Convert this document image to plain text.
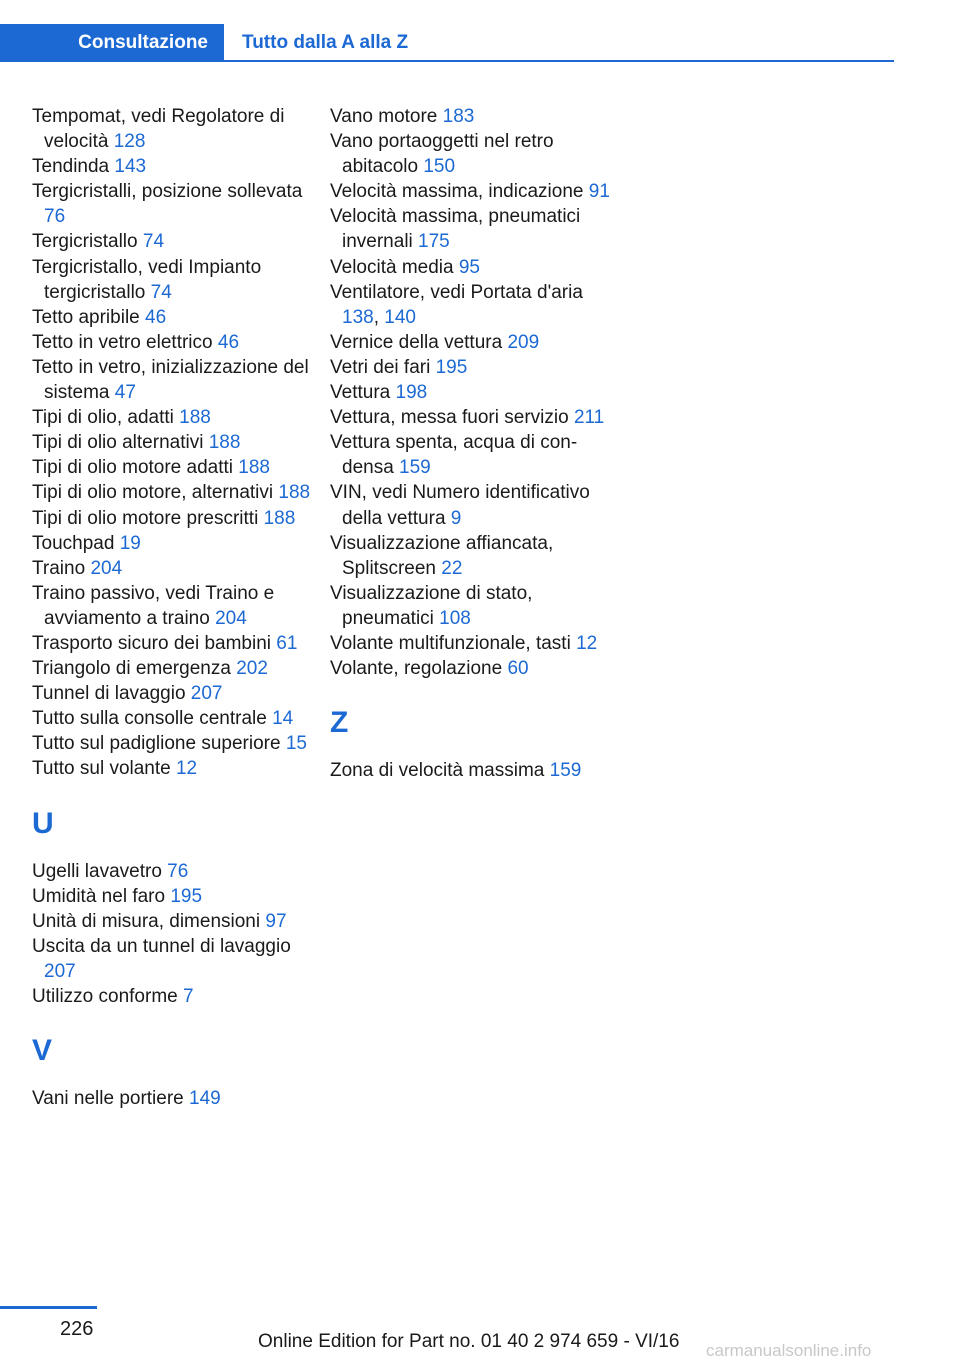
Consultazione Tutto dalla A alla Z

Tempomat, vedi Regolatore di velocità 128

Tendinda 143

Tergicristalli, posizione sollevata 76

Tergicristallo 74

Tergicristallo, vedi Impianto tergicristallo 74

Tetto apribile 46

Tetto in vetro elettrico 46

Tetto in vetro, inizializzazione del sistema 47

Tipi di olio, adatti 188

Tipi di olio alternativi 188

Tipi di olio motore adatti 188

Tipi di olio motore, alternativi 188

Tipi di olio motore prescritti 188

Touchpad 19

Traino 204

Traino passivo, vedi Traino e avviamento a traino 204

Trasporto sicuro dei bambini 61

Triangolo di emergenza 202

Tunnel di lavaggio 207

Tutto sulla consolle centrale 14

Tutto sul padiglione superiore 15

Tutto sul volante 12

U

Ugelli lavavetro 76

Umidità nel faro 195

Unità di misura, dimensioni 97

Uscita da un tunnel di lavaggio 207

Utilizzo conforme 7

V

Vani nelle portiere 149

Vano motore 183

Vano portaoggetti nel retro abitacolo 150

Velocità massima, indicazione 91

Velocità massima, pneumatici invernali 175

Velocità media 95

Ventilatore, vedi Portata d'aria 138, 140

Vernice della vettura 209

Vetri dei fari 195

Vettura 198

Vettura, messa fuori servizio 211

Vettura spenta, acqua di condensa 159

VIN, vedi Numero identificativo della vettura 9

Visualizzazione affiancata, Splitscreen 22

Visualizzazione di stato, pneumatici 108

Volante multifunzionale, tasti 12

Volante, regolazione 60

Z

Zona di velocità massima 159

226
Online Edition for Part no. 01 40 2 974 659 - VI/16 carmanualsonline.info
